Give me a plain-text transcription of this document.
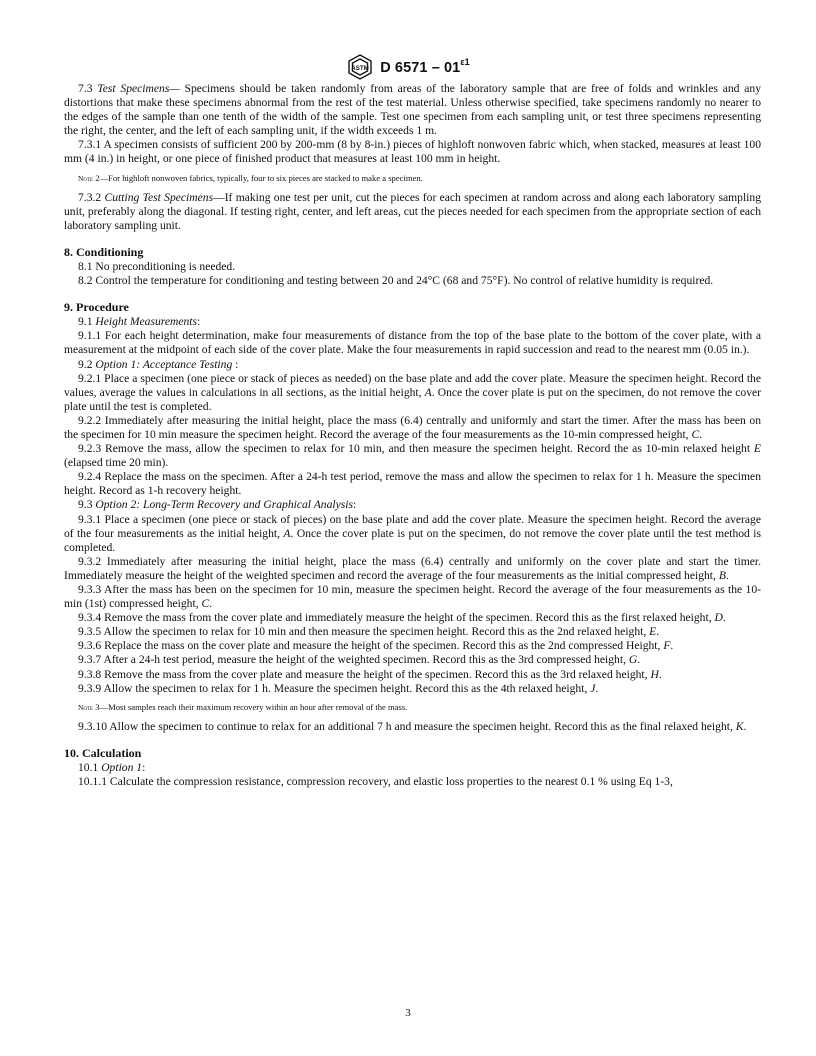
ASTM D $6571 - 01^{\varepsilon 1}$

7.3 Test Specimens— Specimens should be taken randomly from areas of the laboratory sample that are free of folds and wrinkles and any distortions that make these specimens abnormal from the rest of the test material. Unless otherwise specified, take specimens randomly no nearer to the edges of the sample than one tenth of the width of the sample. Test one specimen from each sampling unit, or test three specimens representing the right, the center, and the left of each sampling unit, if the width exceeds 1 m.

7.3.1 A specimen consists of sufficient 200 by 200-mm (8 by 8-in.) pieces of highloft nonwoven fabric which, when stacked, measures at least 100 mm (4 in.) in height, or one piece of finished product that measures at least 100 mm in height.

Note 2—For highloft nonwoven fabrics, typically, four to six pieces are stacked to make a specimen.

7.3.2 Cutting Test Specimens—If making one test per unit, cut the pieces for each specimen at random across and along each laboratory sampling unit, preferably along the diagonal. If testing right, center, and left areas, cut the pieces needed for each specimen from the appropriate section of each laboratory sampling unit.

8. Conditioning

8.1 No preconditioning is needed.

8.2 Control the temperature for conditioning and testing between 20 and 24°C (68 and 75°F). No control of relative humidity is required.

9. Procedure

9.1 Height Measurements:

9.1.1 For each height determination, make four measurements of distance from the top of the base plate to the bottom of the cover plate, with a measurement at the midpoint of each side of the cover plate. Make the four measurements in rapid succession and read to the nearest mm (0.05 in.).

9.2 Option 1: Acceptance Testing :

9.2.1 Place a specimen (one piece or stack of pieces as needed) on the base plate and add the cover plate. Measure the specimen height. Record the values, average the values in calculations in all sections, as the initial height, A. Once the cover plate is put on the specimen, do not remove the cover plate until the test is completed.

9.2.2 Immediately after measuring the initial height, place the mass (6.4) centrally and uniformly and start the timer. After the mass has been on the specimen for 10 min measure the specimen height. Record the average of the four measurements as the 10-min compressed height, C.

9.2.3 Remove the mass, allow the specimen to relax for 10 min, and then measure the specimen height. Record the as 10-min relaxed height E (elapsed time 20 min).

9.2.4 Replace the mass on the specimen. After a 24-h test period, remove the mass and allow the specimen to relax for 1 h. Measure the specimen height. Record as 1-h recovery height.

9.3 Option 2: Long-Term Recovery and Graphical Analysis:

9.3.1 Place a specimen (one piece or stack of pieces) on the base plate and add the cover plate. Measure the specimen height. Record the average of the four measurements as the initial height, A. Once the cover plate is put on the specimen, do not remove the cover plate until the test method is completed.

9.3.2 Immediately after measuring the initial height, place the mass (6.4) centrally and uniformly on the cover plate and start the timer. Immediately measure the height of the weighted specimen and record the average of the four measurements as the initial compressed height, B.

9.3.3 After the mass has been on the specimen for 10 min, measure the specimen height. Record the average of the four measurements as the 10-min (1st) compressed height, C.

9.3.4 Remove the mass from the cover plate and immediately measure the height of the specimen. Record this as the first relaxed height, D.

9.3.5 Allow the specimen to relax for 10 min and then measure the specimen height. Record this as the 2nd relaxed height, E.

9.3.6 Replace the mass on the cover plate and measure the height of the specimen. Record this as the 2nd compressed Height, F.

9.3.7 After a 24-h test period, measure the height of the weighted specimen. Record this as the 3rd compressed height, G.

9.3.8 Remove the mass from the cover plate and measure the height of the specimen. Record this as the 3rd relaxed height, H.

9.3.9 Allow the specimen to relax for 1 h. Measure the specimen height. Record this as the 4th relaxed height, J.

Note 3—Most samples reach their maximum recovery within an hour after removal of the mass.

9.3.10 Allow the specimen to continue to relax for an additional 7 h and measure the specimen height. Record this as the final relaxed height, K.

10. Calculation

10.1 Option 1:

10.1.1 Calculate the compression resistance, compression recovery, and elastic loss properties to the nearest 0.1 % using Eq 1-3,

3
